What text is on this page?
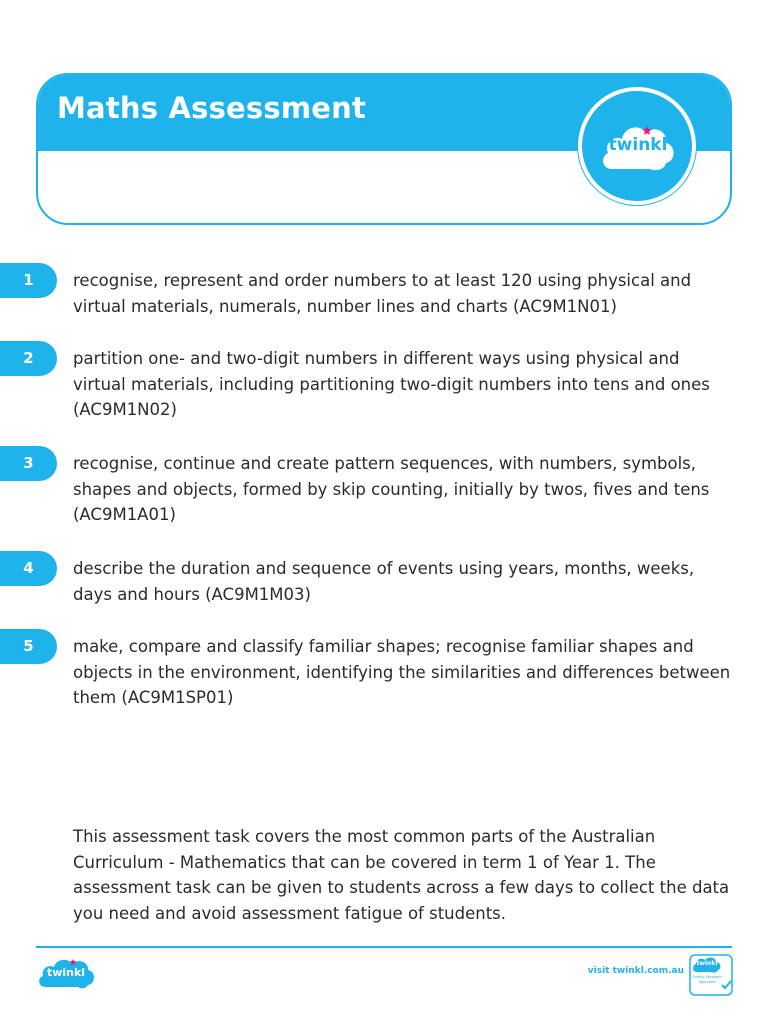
Maths Assessment
twinkl
1	recognise, represent and order numbers to at least 120 using physical and virtual materials, numerals, number lines and charts (AC9M1N01)
2	partition one- and two-digit numbers in different ways using physical and virtual materials, including partitioning two-digit numbers into tens and ones (AC9M1N02)
3	recognise, continue and create pattern sequences, with numbers, symbols, shapes and objects, formed by skip counting, initially by twos, fives and tens (AC9M1A01)
4	describe the duration and sequence of events using years, months, weeks, days and hours (AC9M1M03)
5	make, compare and classify familiar shapes; recognise familiar shapes and objects in the environment, identifying the similarities and differences between them (AC9M1SP01)
This assessment task covers the most common parts of the Australian Curriculum - Mathematics that can be covered in term 1 of Year 1. The assessment task can be given to students across a few days to collect the data you need and avoid assessment fatigue of students.
twinkl	visit twinkl.com.au
twinkl
Quality Standard Approved
